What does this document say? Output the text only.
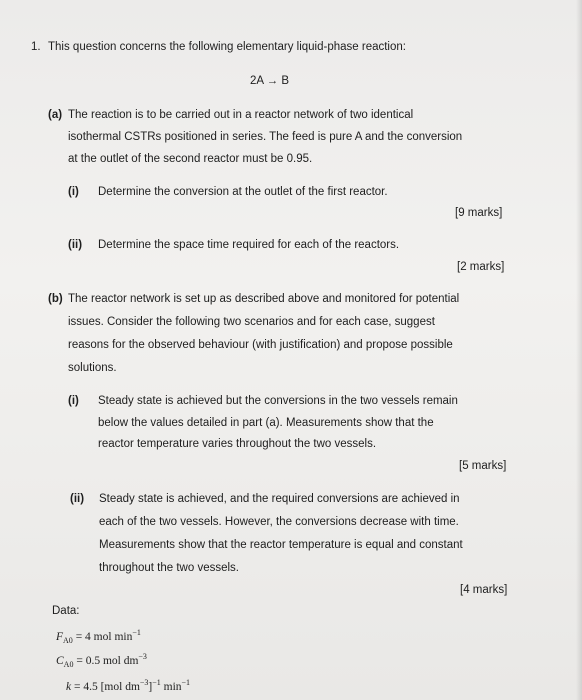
1. This question concerns the following elementary liquid-phase reaction:
2A → B
(a) The reaction is to be carried out in a reactor network of two identical
isothermal CSTRs positioned in series. The feed is pure A and the conversion
at the outlet of the second reactor must be 0.95.
(i) Determine the conversion at the outlet of the first reactor.
[9 marks]
(ii) Determine the space time required for each of the reactors.
[2 marks]
(b) The reactor network is set up as described above and monitored for potential
issues. Consider the following two scenarios and for each case, suggest
reasons for the observed behaviour (with justification) and propose possible
solutions.
(i) Steady state is achieved but the conversions in the two vessels remain
below the values detailed in part (a). Measurements show that the
reactor temperature varies throughout the two vessels.
[5 marks]
(ii) Steady state is achieved, and the required conversions are achieved in
each of the two vessels. However, the conversions decrease with time.
Measurements show that the reactor temperature is equal and constant
throughout the two vessels.
[4 marks]
Data:
$F_{A0} = 4$ mol $\min^{-1}$
$C_{A0} = 0.5$ mol $dm^{-3}$
k = 4.5 [mol $dm^{-3}]^{-1}$ $\min^{-1}$
